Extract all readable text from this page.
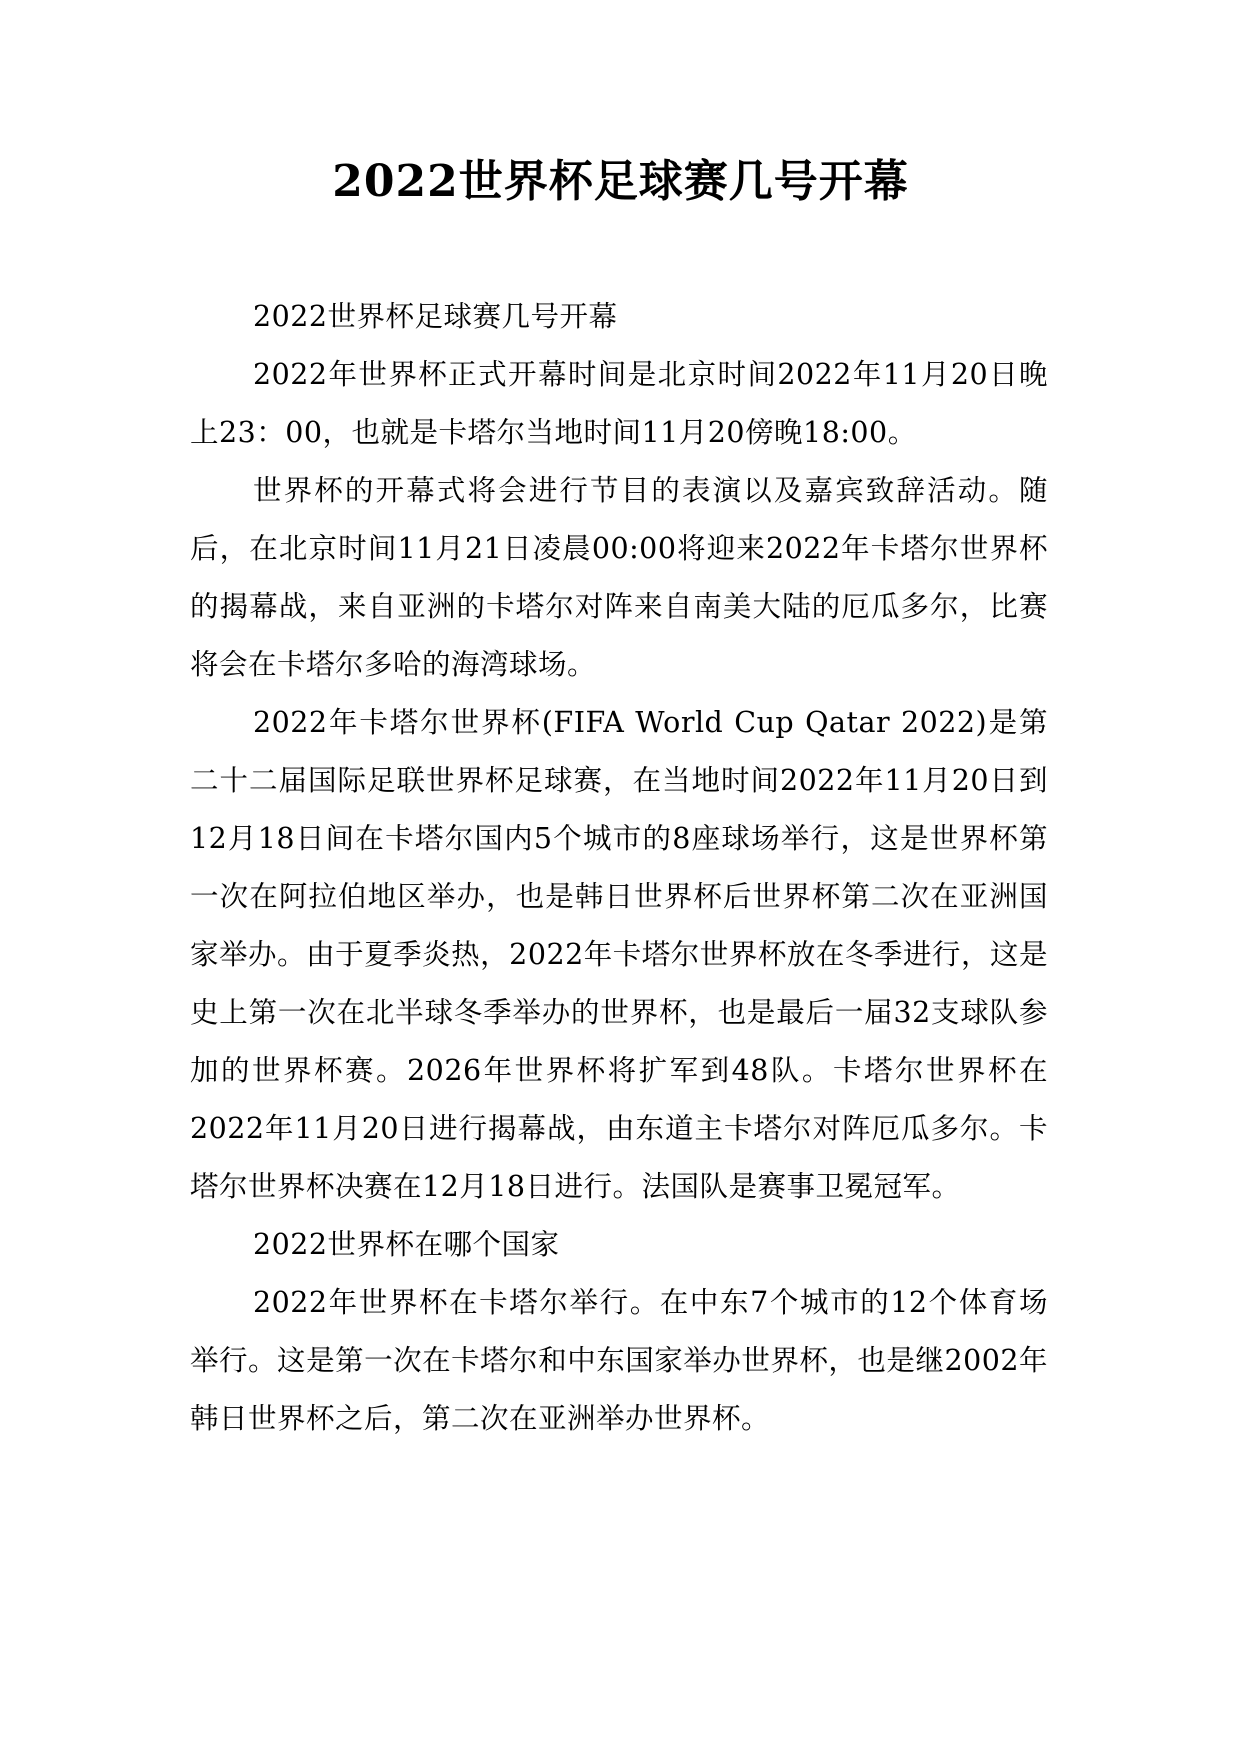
2022世界杯足球赛几号开幕

2022世界杯足球赛几号开幕

2022年世界杯正式开幕时间是北京时间2022年11月20日晚上23：00，也就是卡塔尔当地时间11月20傍晚18:00。

世界杯的开幕式将会进行节目的表演以及嘉宾致辞活动。随后，在北京时间11月21日凌晨00:00将迎来2022年卡塔尔世界杯的揭幕战，来自亚洲的卡塔尔对阵来自南美大陆的厄瓜多尔，比赛将会在卡塔尔多哈的海湾球场。

2022年卡塔尔世界杯(FIFA World Cup Qatar 2022)是第二十二届国际足联世界杯足球赛，在当地时间2022年11月20日到12月18日间在卡塔尔国内5个城市的8座球场举行，这是世界杯第一次在阿拉伯地区举办，也是韩日世界杯后世界杯第二次在亚洲国家举办。由于夏季炎热，2022年卡塔尔世界杯放在冬季进行，这是史上第一次在北半球冬季举办的世界杯，也是最后一届32支球队参加的世界杯赛。2026年世界杯将扩军到48队。卡塔尔世界杯在2022年11月20日进行揭幕战，由东道主卡塔尔对阵厄瓜多尔。卡塔尔世界杯决赛在12月18日进行。法国队是赛事卫冕冠军。

2022世界杯在哪个国家

2022年世界杯在卡塔尔举行。在中东7个城市的12个体育场举行。这是第一次在卡塔尔和中东国家举办世界杯，也是继2002年韩日世界杯之后，第二次在亚洲举办世界杯。
